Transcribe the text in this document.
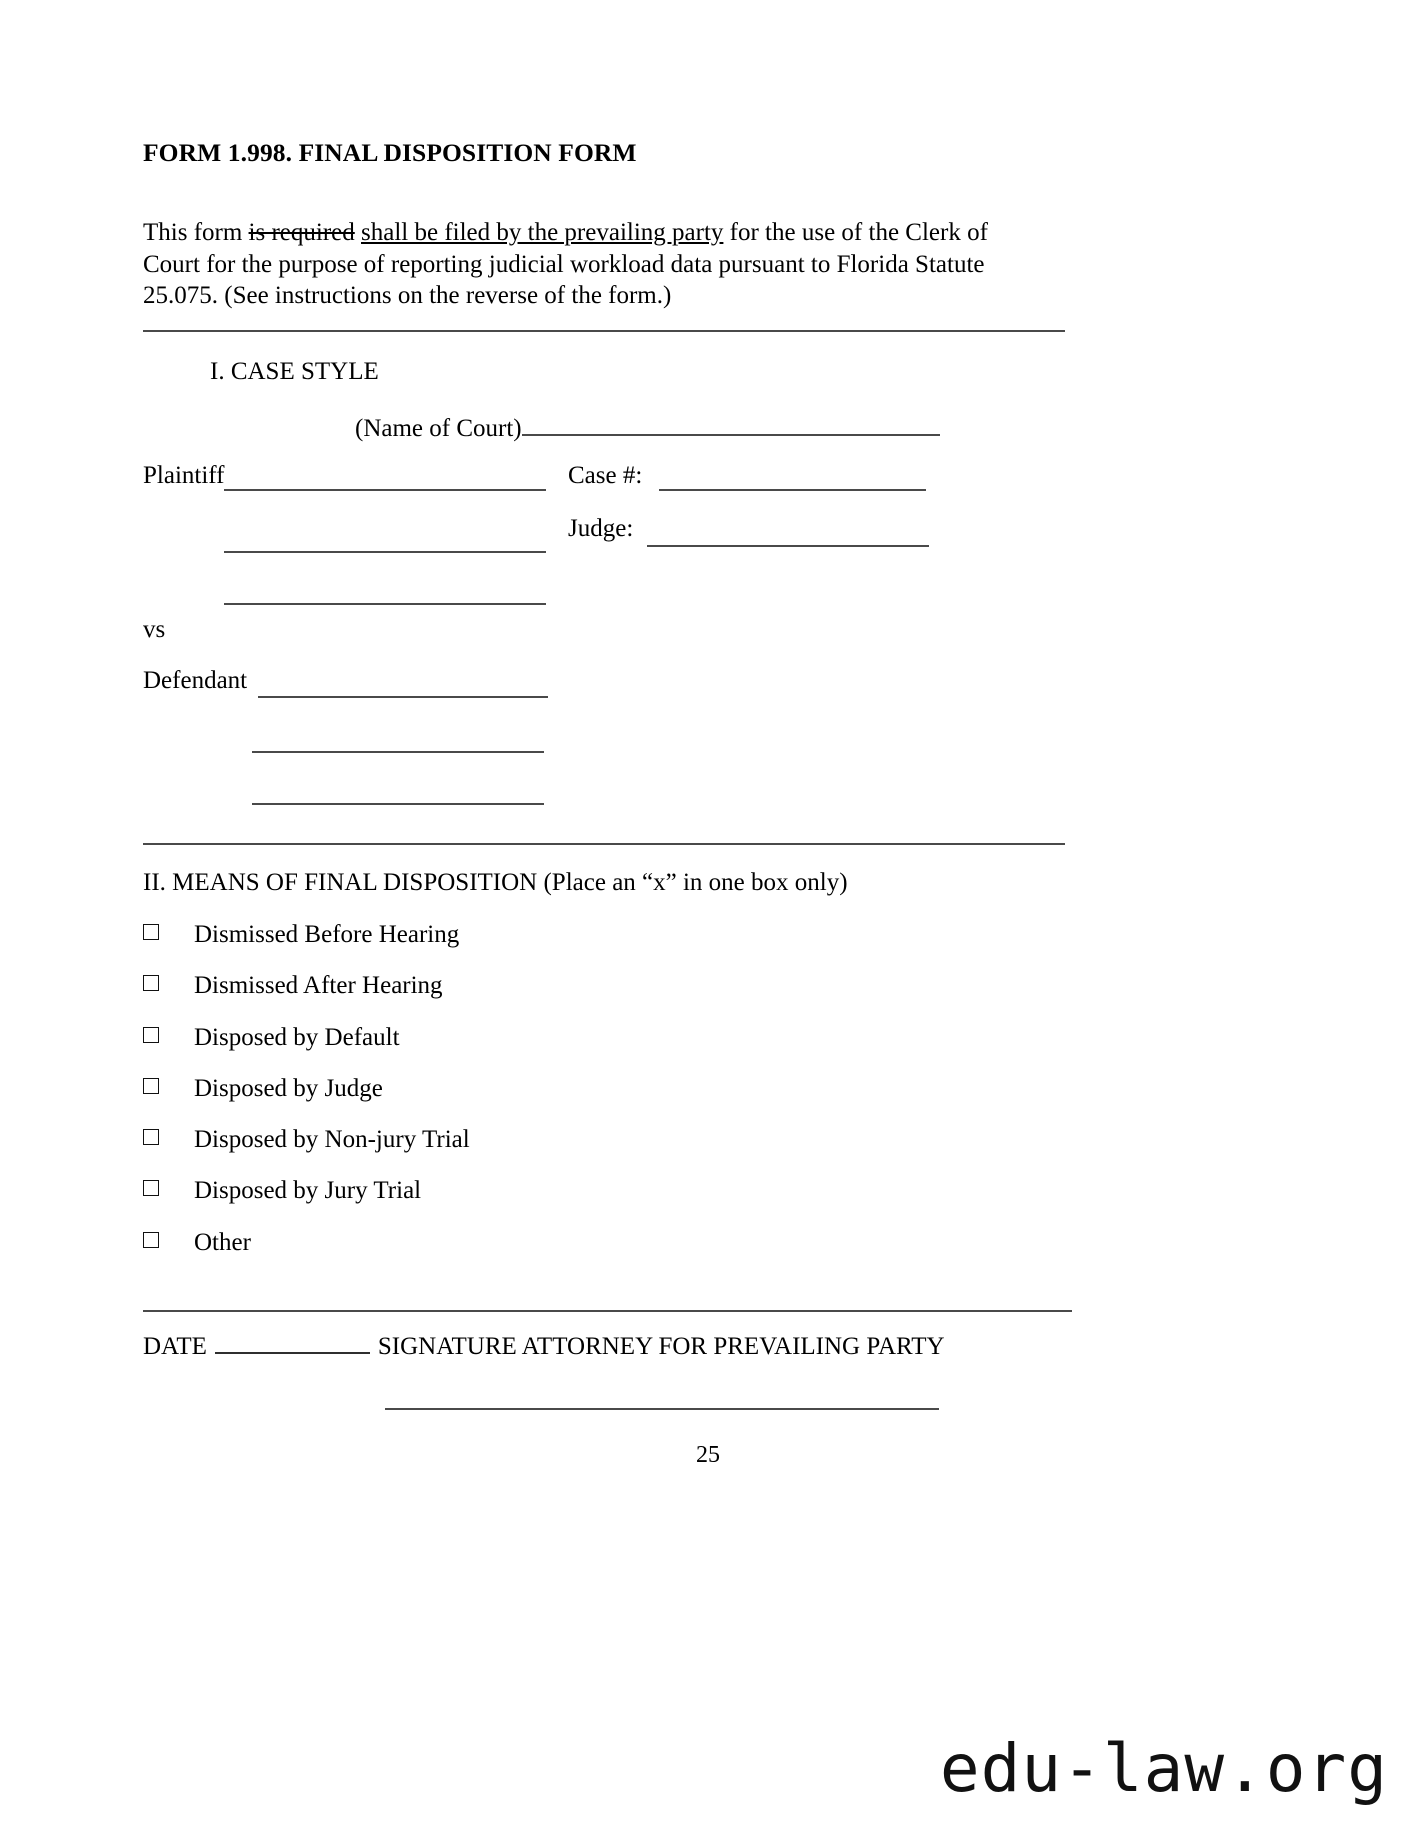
FORM 1.998. FINAL DISPOSITION FORM

This form is required shall be filed by the prevailing party for the use of the Clerk of Court for the purpose of reporting judicial workload data pursuant to Florida Statute 25.075. (See instructions on the reverse of the form.)

I. CASE STYLE
(Name of Court)
Plaintiff	Case #:
Judge:
vs
Defendant
II. MEANS OF FINAL DISPOSITION (Place an “x” in one box only)
Dismissed Before Hearing
Dismissed After Hearing
Disposed by Default
Disposed by Judge
Disposed by Non-jury Trial
Disposed by Jury Trial
Other
DATE	SIGNATURE ATTORNEY FOR PREVAILING PARTY
25
edu-law.org
